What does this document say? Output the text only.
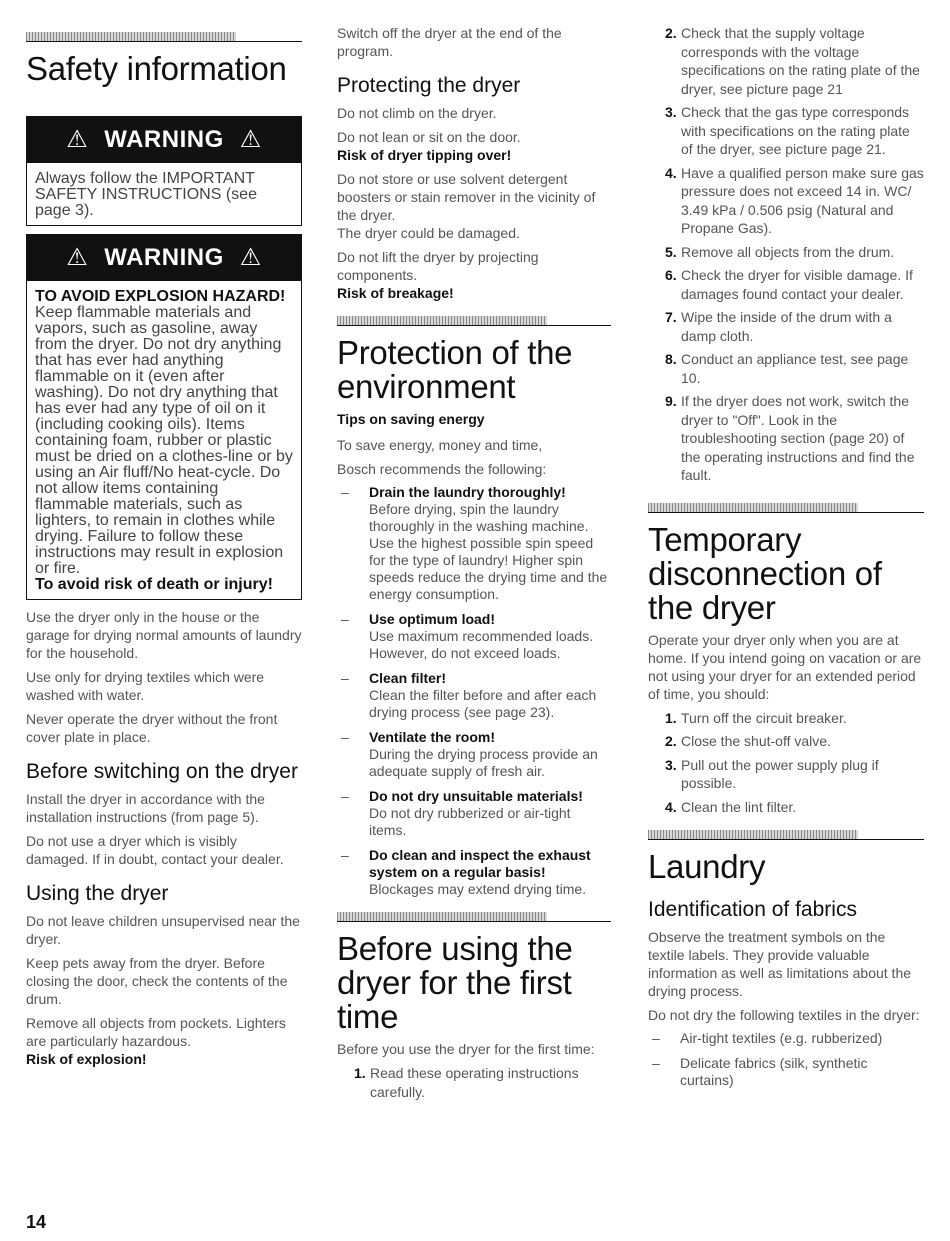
Safety information
⚠ WARNING ⚠
Always follow the IMPORTANT SAFETY INSTRUCTIONS (see page 3).
⚠ WARNING ⚠
TO AVOID EXPLOSION HAZARD!
Keep flammable materials and vapors, such as gasoline, away from the dryer. Do not dry anything that has ever had anything flammable on it (even after washing). Do not dry anything that has ever had any type of oil on it (including cooking oils). Items containing foam, rubber or plastic must be dried on a clothes-line or by using an Air fluff/No heat-cycle. Do not allow items containing flammable materials, such as lighters, to remain in clothes while drying. Failure to follow these instructions may result in explosion or fire.
To avoid risk of death or injury!

Use the dryer only in the house or the garage for drying normal amounts of laundry for the household.

Use only for drying textiles which were washed with water.

Never operate the dryer without the front cover plate in place.

Before switching on the dryer

Install the dryer in accordance with the installation instructions (from page 5).

Do not use a dryer which is visibly damaged. If in doubt, contact your dealer.

Using the dryer

Do not leave children unsupervised near the dryer.

Keep pets away from the dryer. Before closing the door, check the contents of the drum.

Remove all objects from pockets. Lighters are particularly hazardous.

Risk of explosion!

Switch off the dryer at the end of the program.

Protecting the dryer

Do not climb on the dryer.

Do not lean or sit on the door.

Risk of dryer tipping over!

Do not store or use solvent detergent boosters or stain remover in the vicinity of the dryer.

The dryer could be damaged.

Do not lift the dryer by projecting components.

Risk of breakage!

Protection of the environment
Tips on saving energy

To save energy, money and time,

Bosch recommends the following:

– Drain the laundry thoroughly!
Before drying, spin the laundry thoroughly in the washing machine. Use the highest possible spin speed for the type of laundry! Higher spin speeds reduce the drying time and the energy consumption.
– Use optimum load!
Use maximum recommended loads. However, do not exceed loads.
– Clean filter!
Clean the filter before and after each drying process (see page 23).
– Ventilate the room!
During the drying process provide an adequate supply of fresh air.
– Do not dry unsuitable materials!
Do not dry rubberized or air-tight items.
– Do clean and inspect the exhaust system on a regular basis!
Blockages may extend drying time.
Before using the dryer for the first time

Before you use the dryer for the first time:

1. Read these operating instructions carefully.
2. Check that the supply voltage corresponds with the voltage specifications on the rating plate of the dryer, see picture page 21
3. Check that the gas type corresponds with specifications on the rating plate of the dryer, see picture page 21.
4. Have a qualified person make sure gas pressure does not exceed 14 in. WC/ 3.49 kPa / 0.506 psig (Natural and Propane Gas).
5. Remove all objects from the drum.
6. Check the dryer for visible damage. If damages found contact your dealer.
7. Wipe the inside of the drum with a damp cloth.
8. Conduct an appliance test, see page 10.
9. If the dryer does not work, switch the dryer to "Off". Look in the troubleshooting section (page 20) of the operating instructions and find the fault.
Temporary disconnection of the dryer

Operate your dryer only when you are at home. If you intend going on vacation or are not using your dryer for an extended period of time, you should:

1. Turn off the circuit breaker.
2. Close the shut-off valve.
3. Pull out the power supply plug if possible.
4. Clean the lint filter.
Laundry
Identification of fabrics

Observe the treatment symbols on the textile labels. They provide valuable information as well as limitations about the drying process.

Do not dry the following textiles in the dryer:

– Air-tight textiles (e.g. rubberized)
– Delicate fabrics (silk, synthetic curtains)
14
